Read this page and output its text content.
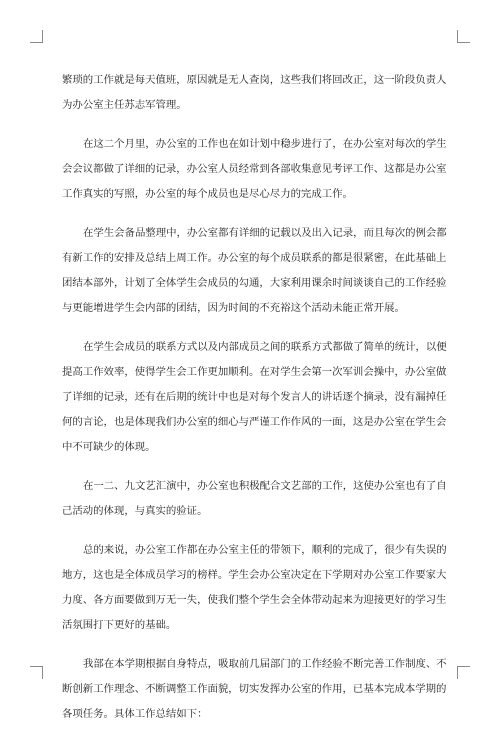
繁琐的工作就是每天值班，原因就是无人查岗，这些我们将回改正，这一阶段负责人
为办公室主任苏志军管理。
在这二个月里，办公室的工作也在如计划中稳步进行了，在办公室对每次的学生
会会议都做了详细的记录，办公室人员经常到各部收集意见考评工作、这都是办公室
工作真实的写照，办公室的每个成员也是尽心尽力的完成工作。
在学生会备品整理中，办公室都有详细的记载以及出入记录，而且每次的例会都
有新工作的安排及总结上周工作。办公室的每个成员联系的都是很紧密，在此基础上
团结本部外，计划了全体学生会成员的勾通，大家利用课余时间谈谈自己的工作经验
与更能增进学生会内部的团结，因为时间的不充裕这个活动未能正常开展。
在学生会成员的联系方式以及内部成员之间的联系方式都做了简单的统计，以便
提高工作效率，使得学生会工作更加顺利。在对学生会第一次军训会操中，办公室做
了详细的记录，还有在后期的统计中也是对每个发言人的讲话逐个摘录，没有漏掉任
何的言论，也是体现我们办公室的细心与严谨工作作风的一面，这是办公室在学生会
中不可缺少的体现。
在一二、九文艺汇演中，办公室也积极配合文艺部的工作，这使办公室也有了自
己活动的体现，与真实的验证。
总的来说，办公室工作都在办公室主任的带领下，顺利的完成了，很少有失误的
地方，这也是全体成员学习的榜样。学生会办公室决定在下学期对办公室工作要家大
力度、各方面要做到万无一失，使我们整个学生会全体带动起来为迎接更好的学习生
活氛围打下更好的基础。
我部在本学期根据自身特点，吸取前几届部门的工作经验不断完善工作制度、不
断创新工作理念、不断调整工作面貌，切实发挥办公室的作用，已基本完成本学期的
各项任务。具体工作总结如下：
